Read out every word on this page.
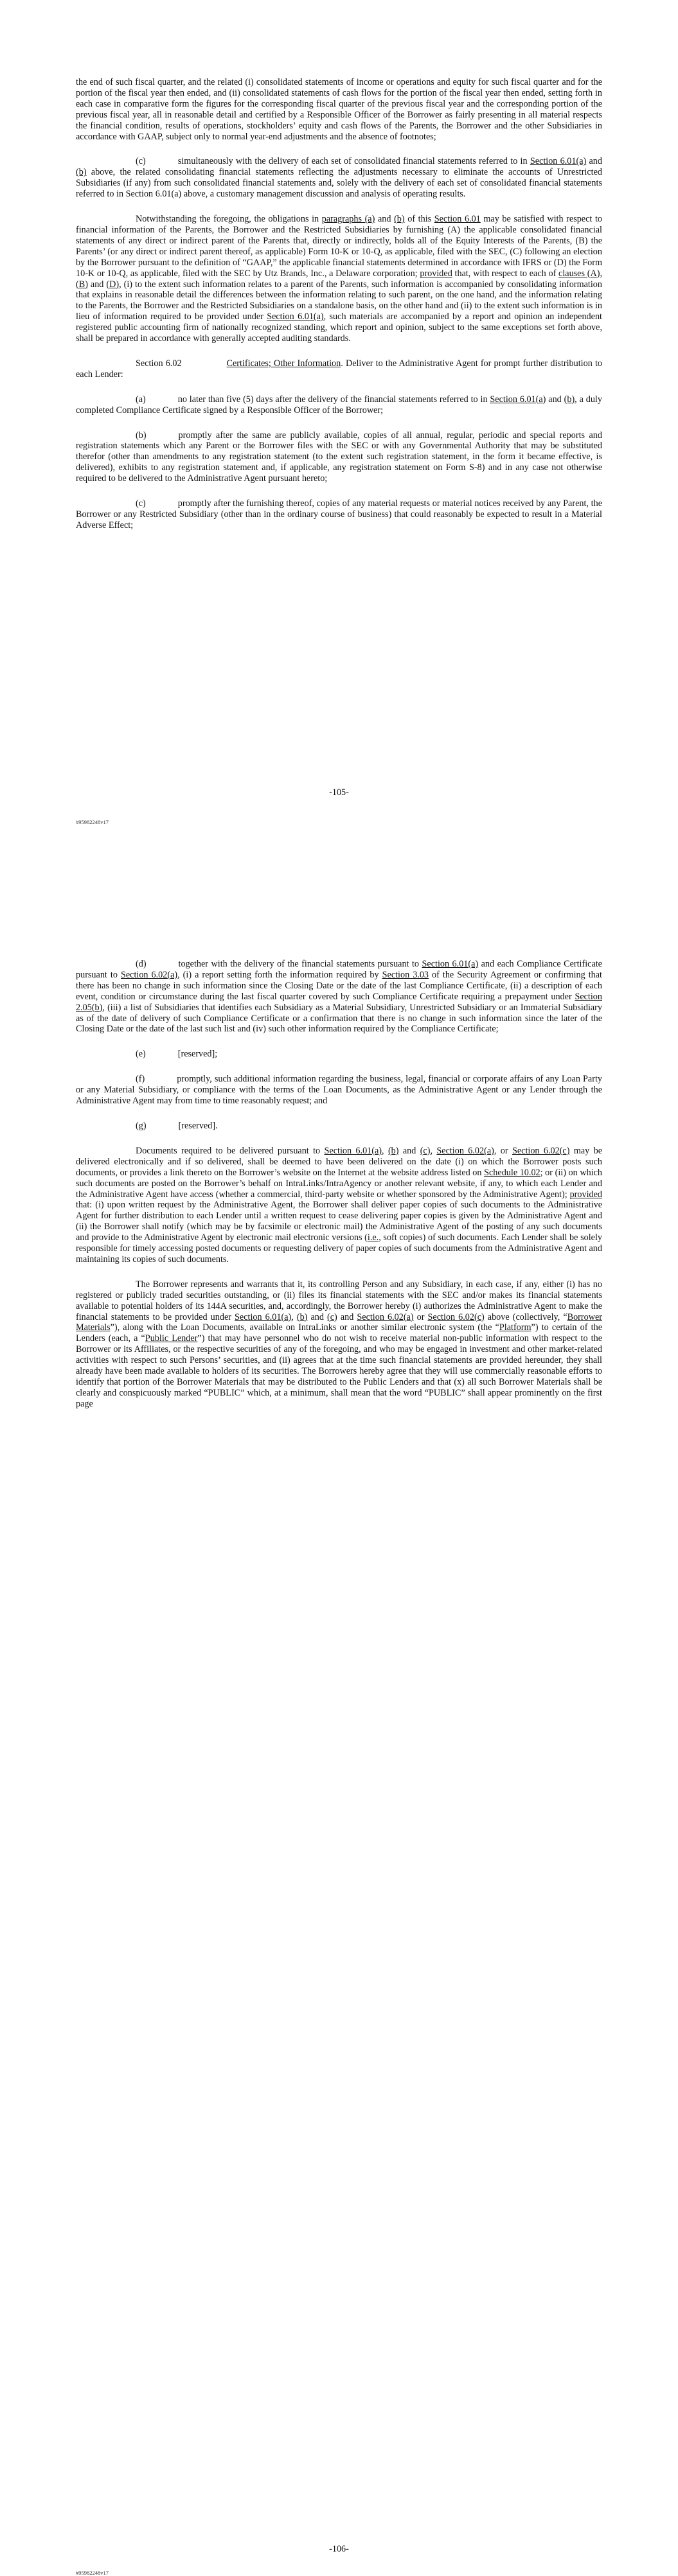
the end of such fiscal quarter, and the related (i) consolidated statements of income or operations and equity for such fiscal quarter and for the portion of the fiscal year then ended, and (ii) consolidated statements of cash flows for the portion of the fiscal year then ended, setting forth in each case in comparative form the figures for the corresponding fiscal quarter of the previous fiscal year and the corresponding portion of the previous fiscal year, all in reasonable detail and certified by a Responsible Officer of the Borrower as fairly presenting in all material respects the financial condition, results of operations, stockholders’ equity and cash flows of the Parents, the Borrower and the other Subsidiaries in accordance with GAAP, subject only to normal year-end adjustments and the absence of footnotes;

(c)	simultaneously with the delivery of each set of consolidated financial statements referred to in Section 6.01(a) and (b) above, the related consolidating financial statements reflecting the adjustments necessary to eliminate the accounts of Unrestricted Subsidiaries (if any) from such consolidated financial statements and, solely with the delivery of each set of consolidated financial statements referred to in Section 6.01(a) above, a customary management discussion and analysis of operating results.

Notwithstanding the foregoing, the obligations in paragraphs (a) and (b) of this Section 6.01 may be satisfied with respect to financial information of the Parents, the Borrower and the Restricted Subsidiaries by furnishing (A) the applicable consolidated financial statements of any direct or indirect parent of the Parents that, directly or indirectly, holds all of the Equity Interests of the Parents, (B) the Parents’ (or any direct or indirect parent thereof, as applicable) Form 10-K or 10-Q, as applicable, filed with the SEC, (C) following an election by the Borrower pursuant to the definition of “GAAP,” the applicable financial statements determined in accordance with IFRS or (D) the Form 10-K or 10-Q, as applicable, filed with the SEC by Utz Brands, Inc., a Delaware corporation; provided that, with respect to each of clauses (A), (B) and (D), (i) to the extent such information relates to a parent of the Parents, such information is accompanied by consolidating information that explains in reasonable detail the differences between the information relating to such parent, on the one hand, and the information relating to the Parents, the Borrower and the Restricted Subsidiaries on a standalone basis, on the other hand and (ii) to the extent such information is in lieu of information required to be provided under Section 6.01(a), such materials are accompanied by a report and opinion an independent registered public accounting firm of nationally recognized standing, which report and opinion, subject to the same exceptions set forth above, shall be prepared in accordance with generally accepted auditing standards.

Section 6.02	Certificates; Other Information. Deliver to the Administrative Agent for prompt further distribution to each Lender:

(a)	no later than five (5) days after the delivery of the financial statements referred to in Section 6.01(a) and (b), a duly completed Compliance Certificate signed by a Responsible Officer of the Borrower;

(b)	promptly after the same are publicly available, copies of all annual, regular, periodic and special reports and registration statements which any Parent or the Borrower files with the SEC or with any Governmental Authority that may be substituted therefor (other than amendments to any registration statement (to the extent such registration statement, in the form it became effective, is delivered), exhibits to any registration statement and, if applicable, any registration statement on Form S-8) and in any case not otherwise required to be delivered to the Administrative Agent pursuant hereto;

(c)	promptly after the furnishing thereof, copies of any material requests or material notices received by any Parent, the Borrower or any Restricted Subsidiary (other than in the ordinary course of business) that could reasonably be expected to result in a Material Adverse Effect;

-105-
#95982248v17

(d)	together with the delivery of the financial statements pursuant to Section 6.01(a) and each Compliance Certificate pursuant to Section 6.02(a), (i) a report setting forth the information required by Section 3.03 of the Security Agreement or confirming that there has been no change in such information since the Closing Date or the date of the last Compliance Certificate, (ii) a description of each event, condition or circumstance during the last fiscal quarter covered by such Compliance Certificate requiring a prepayment under Section 2.05(b), (iii) a list of Subsidiaries that identifies each Subsidiary as a Material Subsidiary, Unrestricted Subsidiary or an Immaterial Subsidiary as of the date of delivery of such Compliance Certificate or a confirmation that there is no change in such information since the later of the Closing Date or the date of the last such list and (iv) such other information required by the Compliance Certificate;

(e)	[reserved];

(f)	promptly, such additional information regarding the business, legal, financial or corporate affairs of any Loan Party or any Material Subsidiary, or compliance with the terms of the Loan Documents, as the Administrative Agent or any Lender through the Administrative Agent may from time to time reasonably request; and

(g)	[reserved].

Documents required to be delivered pursuant to Section 6.01(a), (b) and (c), Section 6.02(a), or Section 6.02(c) may be delivered electronically and if so delivered, shall be deemed to have been delivered on the date (i) on which the Borrower posts such documents, or provides a link thereto on the Borrower’s website on the Internet at the website address listed on Schedule 10.02; or (ii) on which such documents are posted on the Borrower’s behalf on IntraLinks/IntraAgency or another relevant website, if any, to which each Lender and the Administrative Agent have access (whether a commercial, third-party website or whether sponsored by the Administrative Agent); provided that: (i) upon written request by the Administrative Agent, the Borrower shall deliver paper copies of such documents to the Administrative Agent for further distribution to each Lender until a written request to cease delivering paper copies is given by the Administrative Agent and (ii) the Borrower shall notify (which may be by facsimile or electronic mail) the Administrative Agent of the posting of any such documents and provide to the Administrative Agent by electronic mail electronic versions (i.e., soft copies) of such documents. Each Lender shall be solely responsible for timely accessing posted documents or requesting delivery of paper copies of such documents from the Administrative Agent and maintaining its copies of such documents.

The Borrower represents and warrants that it, its controlling Person and any Subsidiary, in each case, if any, either (i) has no registered or publicly traded securities outstanding, or (ii) files its financial statements with the SEC and/or makes its financial statements available to potential holders of its 144A securities, and, accordingly, the Borrower hereby (i) authorizes the Administrative Agent to make the financial statements to be provided under Section 6.01(a), (b) and (c) and Section 6.02(a) or Section 6.02(c) above (collectively, “Borrower Materials”), along with the Loan Documents, available on IntraLinks or another similar electronic system (the “Platform”) to certain of the Lenders (each, a “Public Lender”) that may have personnel who do not wish to receive material non-public information with respect to the Borrower or its Affiliates, or the respective securities of any of the foregoing, and who may be engaged in investment and other market-related activities with respect to such Persons’ securities, and (ii) agrees that at the time such financial statements are provided hereunder, they shall already have been made available to holders of its securities. The Borrowers hereby agree that they will use commercially reasonable efforts to identify that portion of the Borrower Materials that may be distributed to the Public Lenders and that (x) all such Borrower Materials shall be clearly and conspicuously marked “PUBLIC” which, at a minimum, shall mean that the word “PUBLIC” shall appear prominently on the first page

-106-
#95982248v17
